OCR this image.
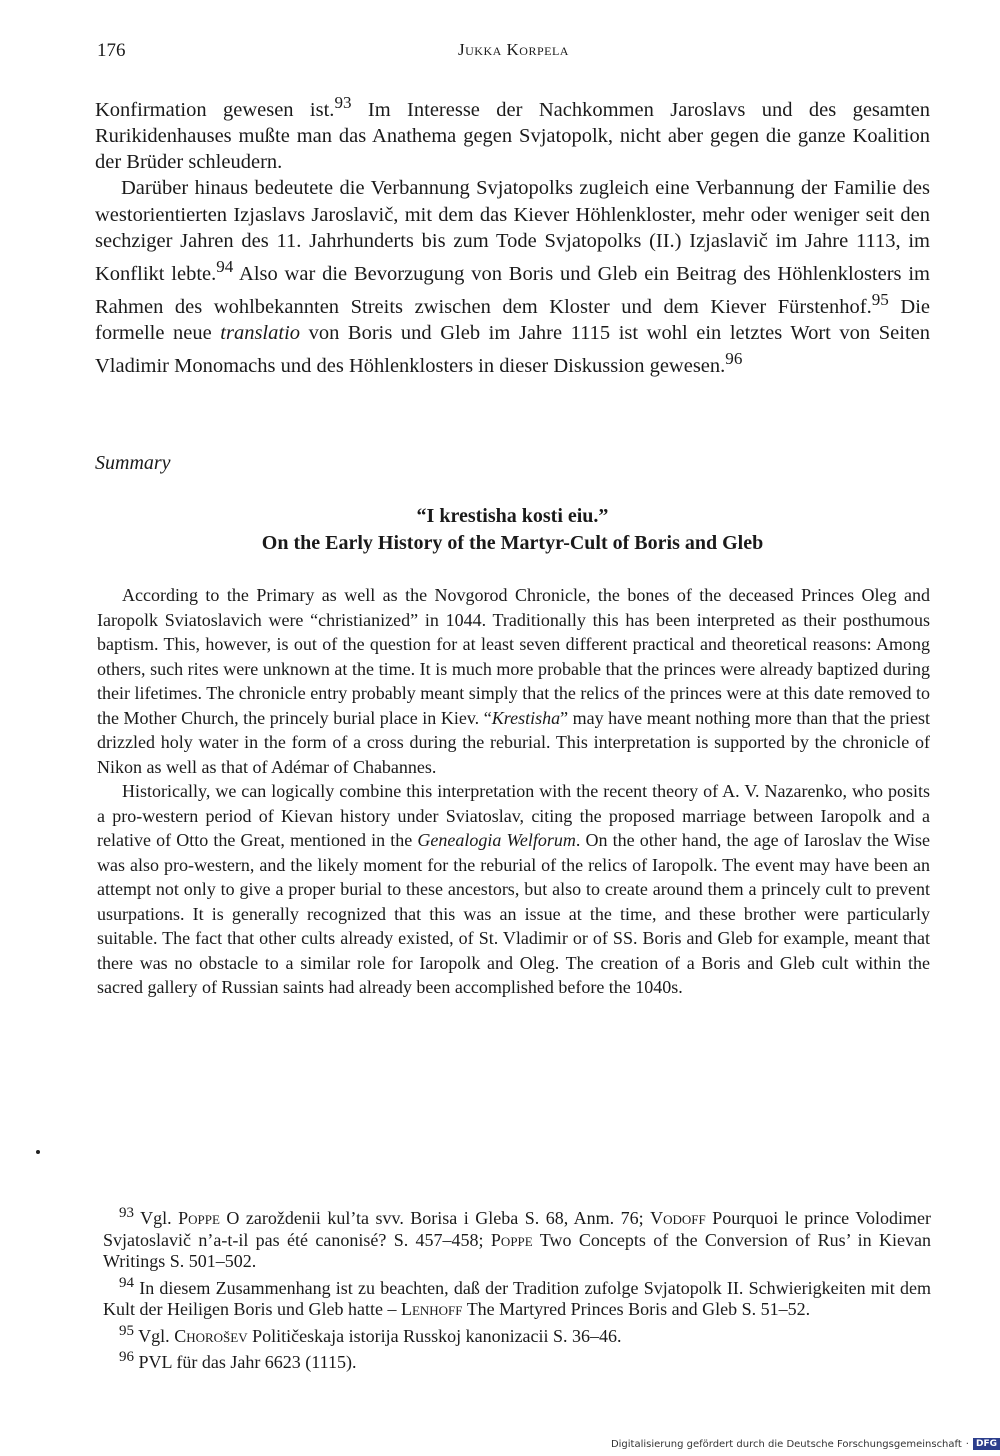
176	Jukka Korpela

Konfirmation gewesen ist.$^{93}$ Im Interesse der Nachkommen Jaroslavs und des gesamten Rurikidenhauses mußte man das Anathema gegen Svjatopolk, nicht aber gegen die ganze Koalition der Brüder schleudern.

Darüber hinaus bedeutete die Verbannung Svjatopolks zugleich eine Verbannung der Familie des westorientierten Izjaslavs Jaroslavič, mit dem das Kiever Höhlenkloster, mehr oder weniger seit den sechziger Jahren des 11. Jahrhunderts bis zum Tode Svjatopolks (II.) Izjaslavič im Jahre 1113, im Konflikt lebte.$^{94}$ Also war die Bevorzugung von Boris und Gleb ein Beitrag des Höhlenklosters im Rahmen des wohlbekannten Streits zwischen dem Kloster und dem Kiever Fürstenhof.$^{95}$ Die formelle neue translatio von Boris und Gleb im Jahre 1115 ist wohl ein letztes Wort von Seiten Vladimir Monomachs und des Höhlenklosters in dieser Diskussion gewesen.$^{96}$

Summary
“I krestisha kosti eiu.”
On the Early History of the Martyr-Cult of Boris and Gleb

According to the Primary as well as the Novgorod Chronicle, the bones of the deceased Princes Oleg and Iaropolk Sviatoslavich were “christianized” in 1044. Traditionally this has been interpreted as their posthumous baptism. This, however, is out of the question for at least seven different practical and theoretical reasons: Among others, such rites were unknown at the time. It is much more probable that the princes were already baptized during their lifetimes. The chronicle entry probably meant simply that the relics of the princes were at this date removed to the Mother Church, the princely burial place in Kiev. “Krestisha” may have meant nothing more than that the priest drizzled holy water in the form of a cross during the reburial. This interpretation is supported by the chronicle of Nikon as well as that of Adémar of Chabannes.

Historically, we can logically combine this interpretation with the recent theory of A. V. Nazarenko, who posits a pro-western period of Kievan history under Sviatoslav, citing the proposed marriage between Iaropolk and a relative of Otto the Great, mentioned in the Genealogia Welforum. On the other hand, the age of Iaroslav the Wise was also pro-western, and the likely moment for the reburial of the relics of Iaropolk. The event may have been an attempt not only to give a proper burial to these ancestors, but also to create around them a princely cult to prevent usurpations. It is generally recognized that this was an issue at the time, and these brother were particularly suitable. The fact that other cults already existed, of St. Vladimir or of SS. Boris and Gleb for example, meant that there was no obstacle to a similar role for Iaropolk and Oleg. The creation of a Boris and Gleb cult within the sacred gallery of Russian saints had already been accomplished before the 1040s.

$^{93}$ Vgl. Poppe O zaroždenii kul’ta svv. Borisa i Gleba S. 68, Anm. 76; Vodoff Pourquoi le prince Volodimer Svjatoslavič n’a-t-il pas été canonisé? S. 457–458; Poppe Two Concepts of the Conversion of Rus’ in Kievan Writings S. 501–502.

$^{94}$ In diesem Zusammenhang ist zu beachten, daß der Tradition zufolge Svjatopolk II. Schwierigkeiten mit dem Kult der Heiligen Boris und Gleb hatte – Lenhoff The Martyred Princes Boris and Gleb S. 51–52.

$^{95}$ Vgl. Chorošev Političeskaja istorija Russkoj kanonizacii S. 36–46.

$^{96}$ PVL für das Jahr 6623 (1115).

Digitalisierung gefördert durch die Deutsche Forschungsgemeinschaft · DFG
